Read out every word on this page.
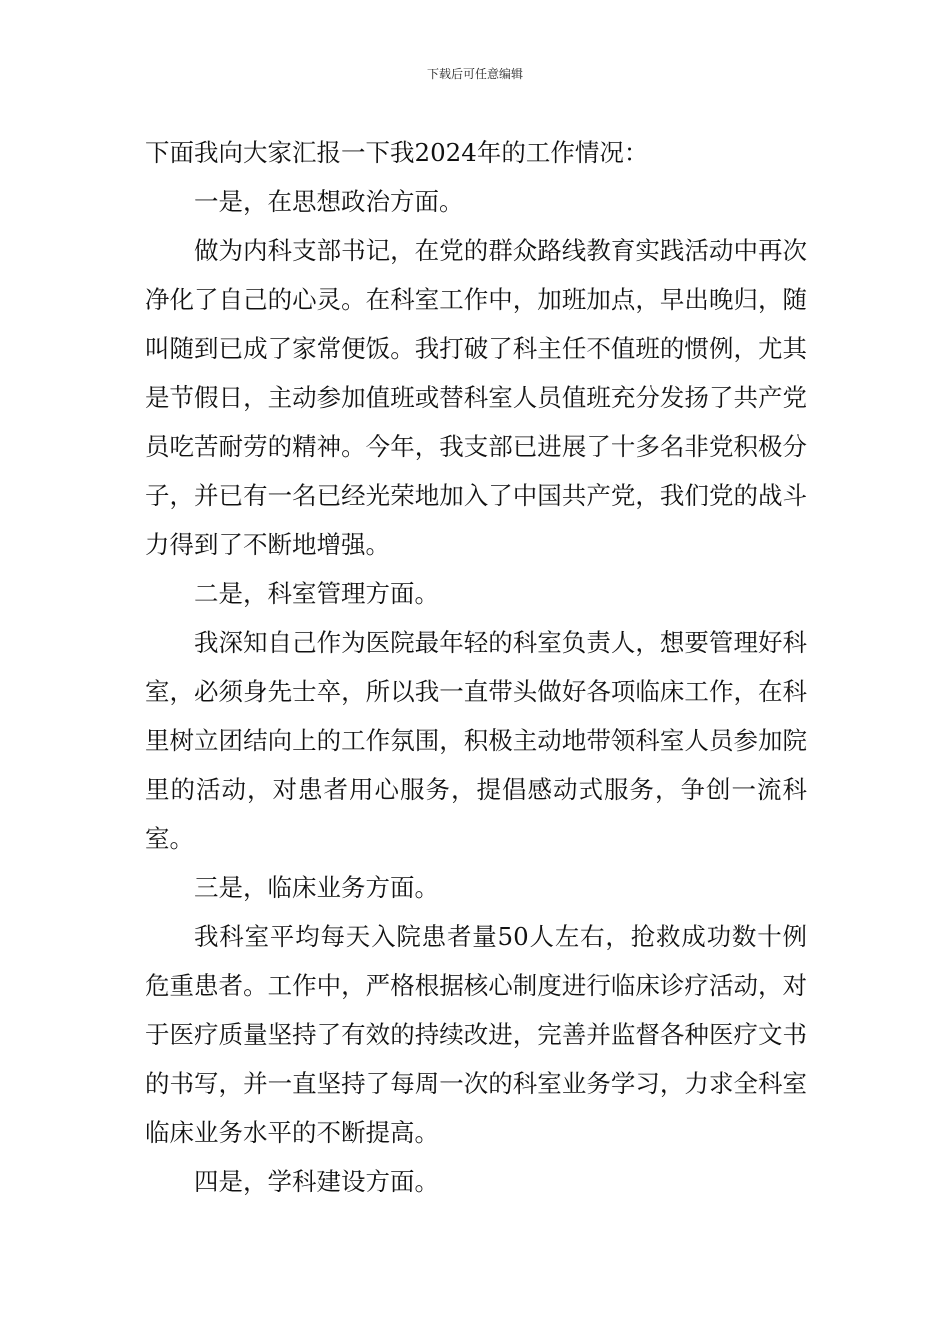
下载后可任意编辑

下面我向大家汇报一下我2024年的工作情况：

一是，在思想政治方面。

做为内科支部书记，在党的群众路线教育实践活动中再次净化了自己的心灵。在科室工作中，加班加点，早出晚归，随叫随到已成了家常便饭。我打破了科主任不值班的惯例，尤其是节假日，主动参加值班或替科室人员值班充分发扬了共产党员吃苦耐劳的精神。今年，我支部已进展了十多名非党积极分子，并已有一名已经光荣地加入了中国共产党，我们党的战斗力得到了不断地增强。

二是，科室管理方面。

我深知自己作为医院最年轻的科室负责人，想要管理好科室，必须身先士卒，所以我一直带头做好各项临床工作，在科里树立团结向上的工作氛围，积极主动地带领科室人员参加院里的活动，对患者用心服务，提倡感动式服务，争创一流科室。

三是，临床业务方面。

我科室平均每天入院患者量50人左右，抢救成功数十例危重患者。工作中，严格根据核心制度进行临床诊疗活动，对于医疗质量坚持了有效的持续改进，完善并监督各种医疗文书的书写，并一直坚持了每周一次的科室业务学习，力求全科室临床业务水平的不断提高。

四是，学科建设方面。
